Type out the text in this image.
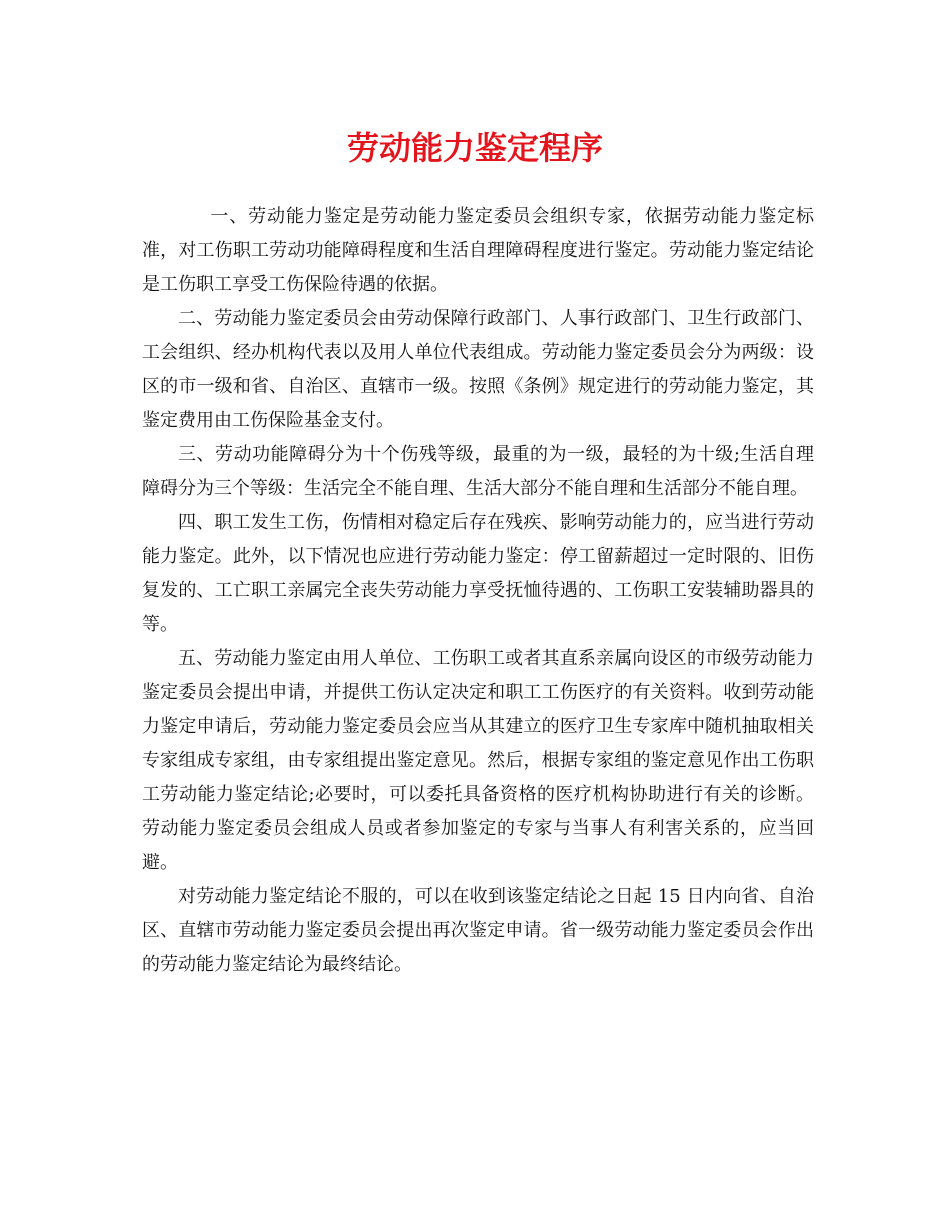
劳动能力鉴定程序

一、劳动能力鉴定是劳动能力鉴定委员会组织专家，依据劳动能力鉴定标准，对工伤职工劳动功能障碍程度和生活自理障碍程度进行鉴定。劳动能力鉴定结论是工伤职工享受工伤保险待遇的依据。

二、劳动能力鉴定委员会由劳动保障行政部门、人事行政部门、卫生行政部门、工会组织、经办机构代表以及用人单位代表组成。劳动能力鉴定委员会分为两级：设区的市一级和省、自治区、直辖市一级。按照《条例》规定进行的劳动能力鉴定，其鉴定费用由工伤保险基金支付。

三、劳动功能障碍分为十个伤残等级，最重的为一级，最轻的为十级;生活自理障碍分为三个等级：生活完全不能自理、生活大部分不能自理和生活部分不能自理。

四、职工发生工伤，伤情相对稳定后存在残疾、影响劳动能力的，应当进行劳动能力鉴定。此外，以下情况也应进行劳动能力鉴定：停工留薪超过一定时限的、旧伤复发的、工亡职工亲属完全丧失劳动能力享受抚恤待遇的、工伤职工安装辅助器具的等。

五、劳动能力鉴定由用人单位、工伤职工或者其直系亲属向设区的市级劳动能力鉴定委员会提出申请，并提供工伤认定决定和职工工伤医疗的有关资料。收到劳动能力鉴定申请后，劳动能力鉴定委员会应当从其建立的医疗卫生专家库中随机抽取相关专家组成专家组，由专家组提出鉴定意见。然后，根据专家组的鉴定意见作出工伤职工劳动能力鉴定结论;必要时，可以委托具备资格的医疗机构协助进行有关的诊断。劳动能力鉴定委员会组成人员或者参加鉴定的专家与当事人有利害关系的，应当回避。

对劳动能力鉴定结论不服的，可以在收到该鉴定结论之日起 15 日内向省、自治区、直辖市劳动能力鉴定委员会提出再次鉴定申请。省一级劳动能力鉴定委员会作出的劳动能力鉴定结论为最终结论。
